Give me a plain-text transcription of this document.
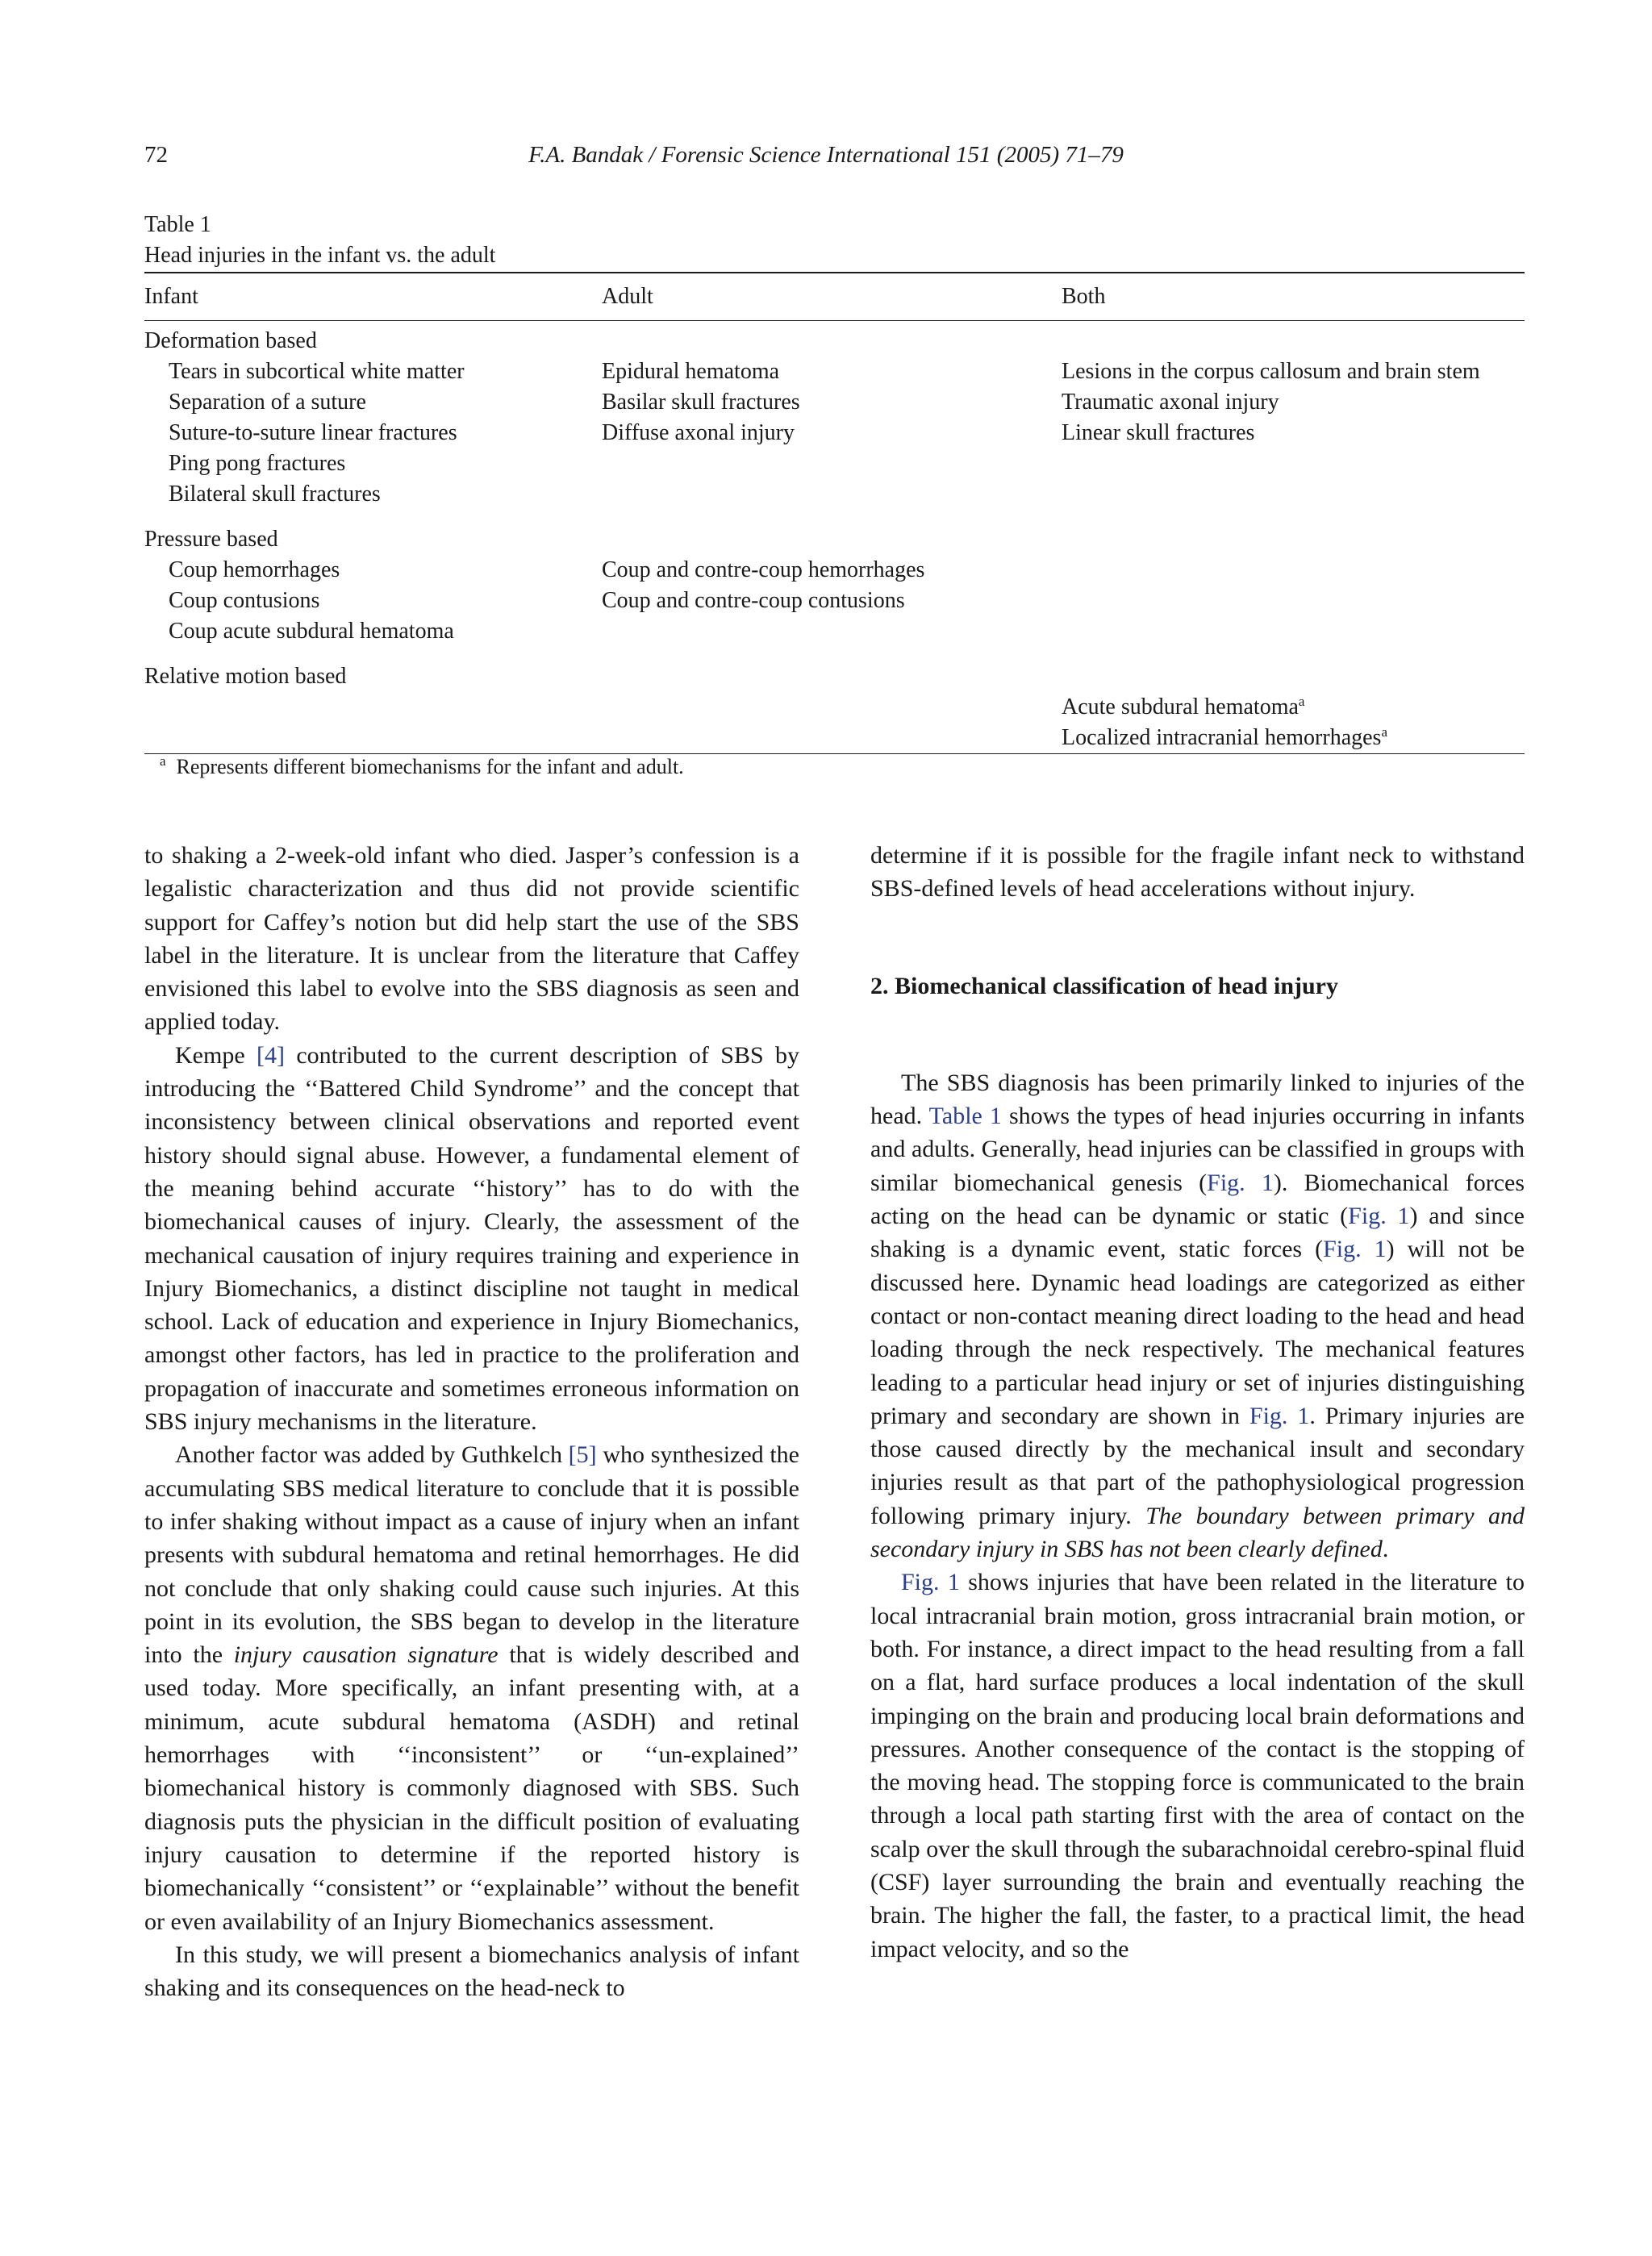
72	F.A. Bandak / Forensic Science International 151 (2005) 71–79
Table 1
Head injuries in the infant vs. the adult
Infant	Adult	Both
Deformation based		
Tears in subcortical white matter	Epidural hematoma	Lesions in the corpus callosum and brain stem
Separation of a suture	Basilar skull fractures	Traumatic axonal injury
Suture-to-suture linear fractures	Diffuse axonal injury	Linear skull fractures
Ping pong fractures		
Bilateral skull fractures		

Pressure based		
Coup hemorrhages	Coup and contre-coup hemorrhages	
Coup contusions	Coup and contre-coup contusions	
Coup acute subdural hematoma		

Relative motion based		
		Acute subdural hematoma$^a$
		Localized intracranial hemorrhages$^a$
$^a$ Represents different biomechanisms for the infant and adult.

to shaking a 2-week-old infant who died. Jasper’s confession is a legalistic characterization and thus did not provide scientific support for Caffey’s notion but did help start the use of the SBS label in the literature. It is unclear from the literature that Caffey envisioned this label to evolve into the SBS diagnosis as seen and applied today.

Kempe [4] contributed to the current description of SBS by introducing the ‘‘Battered Child Syndrome’’ and the concept that inconsistency between clinical observations and reported event history should signal abuse. However, a fundamental element of the meaning behind accurate ‘‘history’’ has to do with the biomechanical causes of injury. Clearly, the assessment of the mechanical causation of injury requires training and experience in Injury Biomechanics, a distinct discipline not taught in medical school. Lack of education and experience in Injury Biomechanics, amongst other factors, has led in practice to the proliferation and propagation of inaccurate and sometimes erroneous information on SBS injury mechanisms in the literature.

Another factor was added by Guthkelch [5] who synthesized the accumulating SBS medical literature to conclude that it is possible to infer shaking without impact as a cause of injury when an infant presents with subdural hematoma and retinal hemorrhages. He did not conclude that only shaking could cause such injuries. At this point in its evolution, the SBS began to develop in the literature into the injury causation signature that is widely described and used today. More specifically, an infant presenting with, at a minimum, acute subdural hematoma (ASDH) and retinal hemorrhages with ‘‘inconsistent’’ or ‘‘un-explained’’ biomechanical history is commonly diagnosed with SBS. Such diagnosis puts the physician in the difficult position of evaluating injury causation to determine if the reported history is biomechanically ‘‘consistent’’ or ‘‘explainable’’ without the benefit or even availability of an Injury Biomechanics assessment.

In this study, we will present a biomechanics analysis of infant shaking and its consequences on the head-neck to

determine if it is possible for the fragile infant neck to withstand SBS-defined levels of head accelerations without injury.

2. Biomechanical classification of head injury

The SBS diagnosis has been primarily linked to injuries of the head. Table 1 shows the types of head injuries occurring in infants and adults. Generally, head injuries can be classified in groups with similar biomechanical genesis (Fig. 1). Biomechanical forces acting on the head can be dynamic or static (Fig. 1) and since shaking is a dynamic event, static forces (Fig. 1) will not be discussed here. Dynamic head loadings are categorized as either contact or non-contact meaning direct loading to the head and head loading through the neck respectively. The mechanical features leading to a particular head injury or set of injuries distinguishing primary and secondary are shown in Fig. 1. Primary injuries are those caused directly by the mechanical insult and secondary injuries result as that part of the pathophysiological progression following primary injury. The boundary between primary and secondary injury in SBS has not been clearly defined.

Fig. 1 shows injuries that have been related in the literature to local intracranial brain motion, gross intracranial brain motion, or both. For instance, a direct impact to the head resulting from a fall on a flat, hard surface produces a local indentation of the skull impinging on the brain and producing local brain deformations and pressures. Another consequence of the contact is the stopping of the moving head. The stopping force is communicated to the brain through a local path starting first with the area of contact on the scalp over the skull through the subarachnoidal cerebro-spinal fluid (CSF) layer surrounding the brain and eventually reaching the brain. The higher the fall, the faster, to a practical limit, the head impact velocity, and so the
